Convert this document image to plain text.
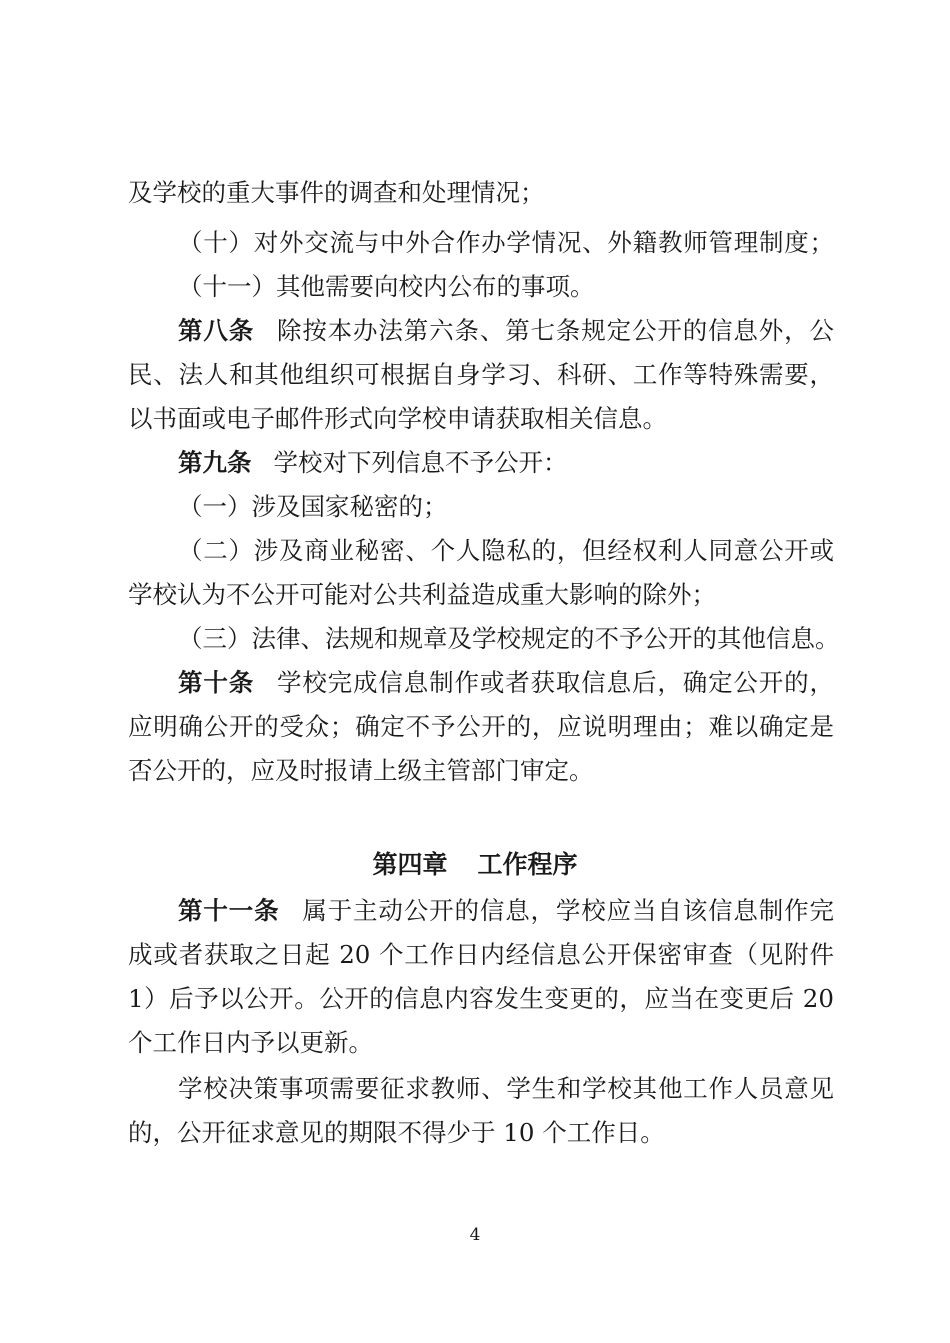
及学校的重大事件的调查和处理情况；
（十）对外交流与中外合作办学情况、外籍教师管理制度；
（十一）其他需要向校内公布的事项。
第八条 除按本办法第六条、第七条规定公开的信息外，公
民、法人和其他组织可根据自身学习、科研、工作等特殊需要，
以书面或电子邮件形式向学校申请获取相关信息。
第九条 学校对下列信息不予公开：
（一）涉及国家秘密的；
（二）涉及商业秘密、个人隐私的，但经权利人同意公开或
学校认为不公开可能对公共利益造成重大影响的除外；
（三）法律、法规和规章及学校规定的不予公开的其他信息。
第十条 学校完成信息制作或者获取信息后，确定公开的，
应明确公开的受众；确定不予公开的，应说明理由；难以确定是
否公开的，应及时报请上级主管部门审定。
第四章 工作程序
第十一条 属于主动公开的信息，学校应当自该信息制作完
成或者获取之日起 20 个工作日内经信息公开保密审查（见附件
1）后予以公开。公开的信息内容发生变更的，应当在变更后 20
个工作日内予以更新。
学校决策事项需要征求教师、学生和学校其他工作人员意见
的，公开征求意见的期限不得少于 10 个工作日。
4
